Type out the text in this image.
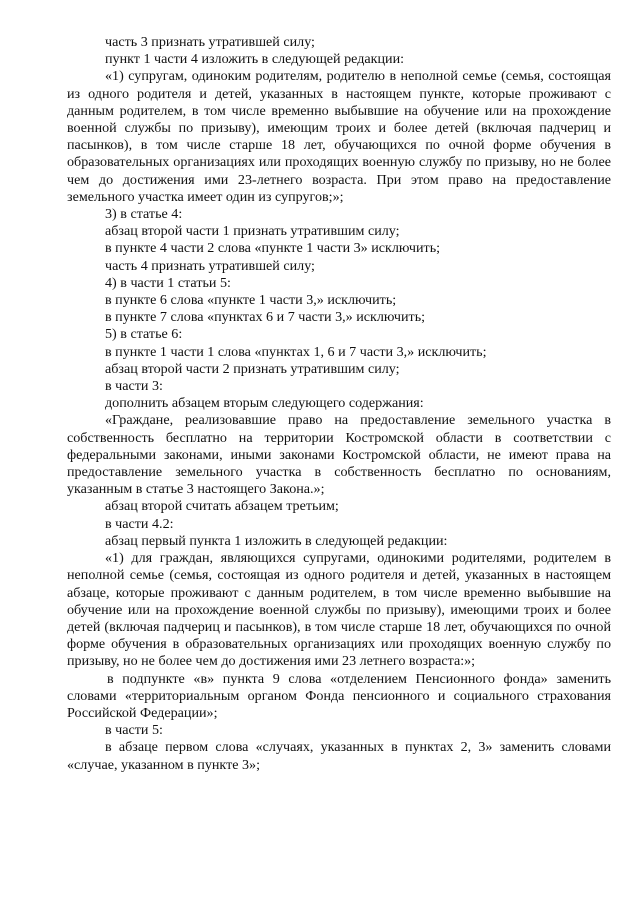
часть 3 признать утратившей силу;

пункт 1 части 4 изложить в следующей редакции:

«1) супругам, одиноким родителям, родителю в неполной семье (семья, состоящая из одного родителя и детей, указанных в настоящем пункте, которые проживают с данным родителем, в том числе временно выбывшие на обучение или на прохождение военной службы по призыву), имеющим троих и более детей (включая падчериц и пасынков), в том числе старше 18 лет, обучающихся по очной форме обучения в образовательных организациях или проходящих военную службу по призыву, но не более чем до достижения ими 23-летнего возраста. При этом право на предоставление земельного участка имеет один из супругов;»;

3) в статье 4:

абзац второй части 1 признать утратившим силу;

в пункте 4 части 2 слова «пункте 1 части 3» исключить;

часть 4 признать утратившей силу;

4) в части 1 статьи 5:

в пункте 6 слова «пункте 1 части 3,» исключить;

в пункте 7 слова «пунктах 6 и 7 части 3,» исключить;

5) в статье 6:

в пункте 1 части 1 слова «пунктах 1, 6 и 7 части 3,» исключить;

абзац второй части 2 признать утратившим силу;

в части 3:

дополнить абзацем вторым следующего содержания:

«Граждане, реализовавшие право на предоставление земельного участка в собственность бесплатно на территории Костромской области в соответствии с федеральными законами, иными законами Костромской области, не имеют права на предоставление земельного участка в собственность бесплатно по основаниям, указанным в статье 3 настоящего Закона.»;

абзац второй считать абзацем третьим;

в части 4.2:

абзац первый пункта 1 изложить в следующей редакции:

«1) для граждан, являющихся супругами, одинокими родителями, родителем в неполной семье (семья, состоящая из одного родителя и детей, указанных в настоящем абзаце, которые проживают с данным родителем, в том числе временно выбывшие на обучение или на прохождение военной службы по призыву), имеющими троих и более детей (включая падчериц и пасынков), в том числе старше 18 лет, обучающихся по очной форме обучения в образовательных организациях или проходящих военную службу по призыву, но не более чем до достижения ими 23 летнего возраста:»;

в подпункте «в» пункта 9 слова «отделением Пенсионного фонда» заменить словами «территориальным органом Фонда пенсионного и социального страхования Российской Федерации»;

в части 5:

в абзаце первом слова «случаях, указанных в пунктах 2, 3» заменить словами «случае, указанном в пункте 3»;
